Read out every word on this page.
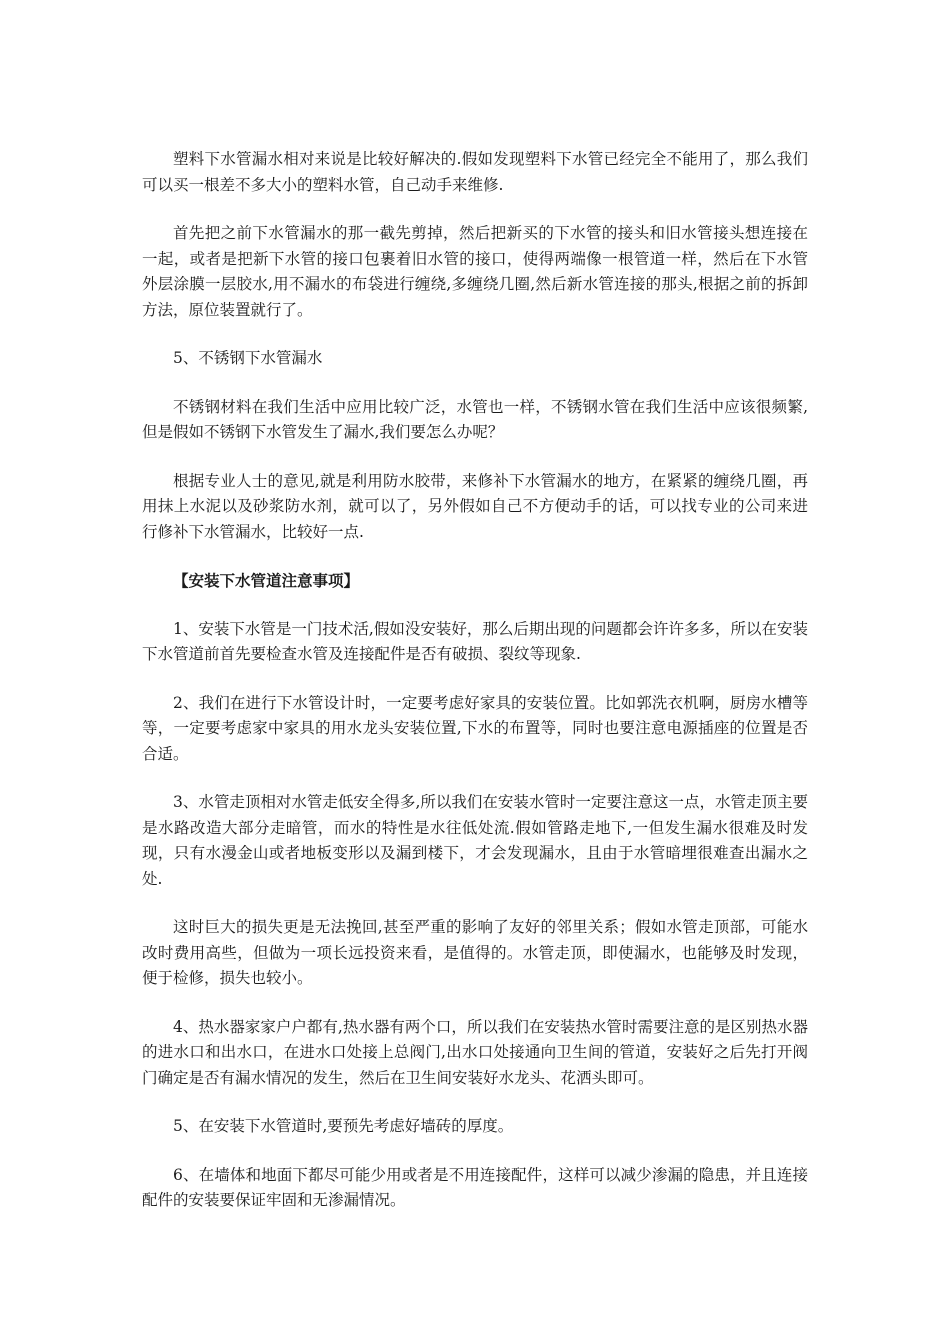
塑料下水管漏水相对来说是比较好解决的.假如发现塑料下水管已经完全不能用了，那么我们可以买一根差不多大小的塑料水管，自己动手来维修.

首先把之前下水管漏水的那一截先剪掉，然后把新买的下水管的接头和旧水管接头想连接在一起，或者是把新下水管的接口包裹着旧水管的接口，使得两端像一根管道一样，然后在下水管外层涂膜一层胶水,用不漏水的布袋进行缠绕,多缠绕几圈,然后新水管连接的那头,根据之前的拆卸方法，原位装置就行了。

5、不锈钢下水管漏水

不锈钢材料在我们生活中应用比较广泛，水管也一样，不锈钢水管在我们生活中应该很频繁,但是假如不锈钢下水管发生了漏水,我们要怎么办呢？

根据专业人士的意见,就是利用防水胶带，来修补下水管漏水的地方，在紧紧的缠绕几圈，再用抹上水泥以及砂浆防水剂，就可以了，另外假如自己不方便动手的话，可以找专业的公司来进行修补下水管漏水，比较好一点.

【安装下水管道注意事项】

1、安装下水管是一门技术活,假如没安装好，那么后期出现的问题都会许许多多，所以在安装下水管道前首先要检查水管及连接配件是否有破损、裂纹等现象.

2、我们在进行下水管设计时，一定要考虑好家具的安装位置。比如郭洗衣机啊，厨房水槽等等，一定要考虑家中家具的用水龙头安装位置,下水的布置等，同时也要注意电源插座的位置是否合适。

3、水管走顶相对水管走低安全得多,所以我们在安装水管时一定要注意这一点，水管走顶主要是水路改造大部分走暗管，而水的特性是水往低处流.假如管路走地下,一但发生漏水很难及时发现，只有水漫金山或者地板变形以及漏到楼下，才会发现漏水，且由于水管暗埋很难查出漏水之处.

这时巨大的损失更是无法挽回,甚至严重的影响了友好的邻里关系；假如水管走顶部，可能水改时费用高些，但做为一项长远投资来看，是值得的。水管走顶，即使漏水，也能够及时发现，便于检修，损失也较小。

4、热水器家家户户都有,热水器有两个口，所以我们在安装热水管时需要注意的是区别热水器的进水口和出水口，在进水口处接上总阀门,出水口处接通向卫生间的管道，安装好之后先打开阀门确定是否有漏水情况的发生，然后在卫生间安装好水龙头、花洒头即可。

5、在安装下水管道时,要预先考虑好墙砖的厚度。

6、在墙体和地面下都尽可能少用或者是不用连接配件，这样可以减少渗漏的隐患，并且连接配件的安装要保证牢固和无渗漏情况。
